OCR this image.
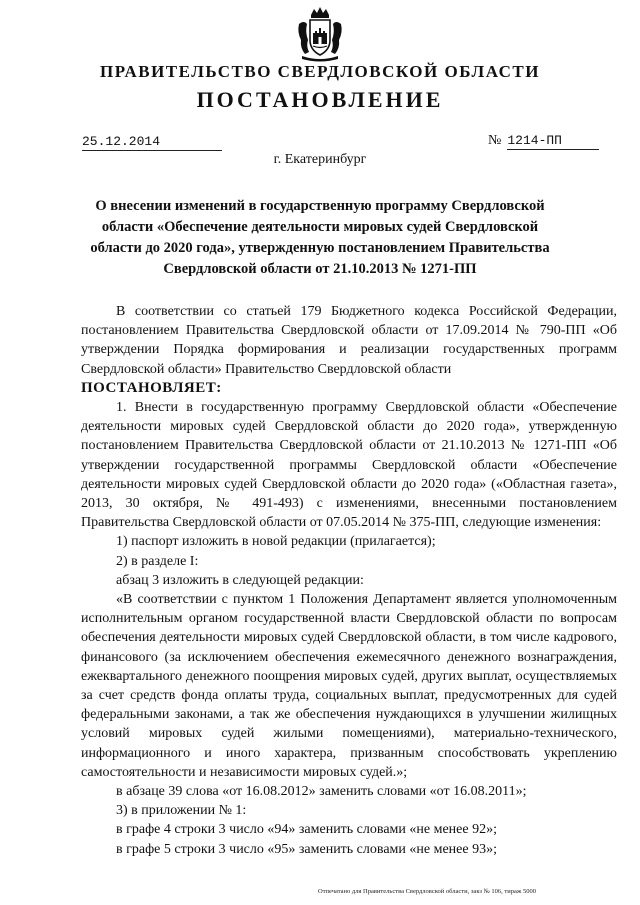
ПРАВИТЕЛЬСТВО СВЕРДЛОВСКОЙ ОБЛАСТИ
ПОСТАНОВЛЕНИЕ
25.12.2014	№ 1214-ПП
г. Екатеринбург
О внесении изменений в государственную программу Свердловской области «Обеспечение деятельности мировых судей Свердловской области до 2020 года», утвержденную постановлением Правительства Свердловской области от 21.10.2013 № 1271-ПП

В соответствии со статьей 179 Бюджетного кодекса Российской Федерации, постановлением Правительства Свердловской области от 17.09.2014 № 790-ПП «Об утверждении Порядка формирования и реализации государственных программ Свердловской области» Правительство Свердловской области

ПОСТАНОВЛЯЕТ:

1. Внести в государственную программу Свердловской области «Обеспечение деятельности мировых судей Свердловской области до 2020 года», утвержденную постановлением Правительства Свердловской области от 21.10.2013 № 1271-ПП «Об утверждении государственной программы Свердловской области «Обеспечение деятельности мировых судей Свердловской области до 2020 года» («Областная газета», 2013, 30 октября, № 491-493) с изменениями, внесенными постановлением Правительства Свердловской области от 07.05.2014 № 375-ПП, следующие изменения:

1) паспорт изложить в новой редакции (прилагается);

2) в разделе I:

абзац 3 изложить в следующей редакции:

«В соответствии с пунктом 1 Положения Департамент является уполномоченным исполнительным органом государственной власти Свердловской области по вопросам обеспечения деятельности мировых судей Свердловской области, в том числе кадрового, финансового (за исключением обеспечения ежемесячного денежного вознаграждения, ежеквартального денежного поощрения мировых судей, других выплат, осуществляемых за счет средств фонда оплаты труда, социальных выплат, предусмотренных для судей федеральными законами, а так же обеспечения нуждающихся в улучшении жилищных условий мировых судей жилыми помещениями), материально-технического, информационного и иного характера, призванным способствовать укреплению самостоятельности и независимости мировых судей.»;

в абзаце 39 слова «от 16.08.2012» заменить словами «от 16.08.2011»;

3) в приложении № 1:

в графе 4 строки 3 число «94» заменить словами «не менее 92»;

в графе 5 строки 3 число «95» заменить словами «не менее 93»;

Отпечатано для Правительства Свердловской области, закз № 106, тираж 5000
